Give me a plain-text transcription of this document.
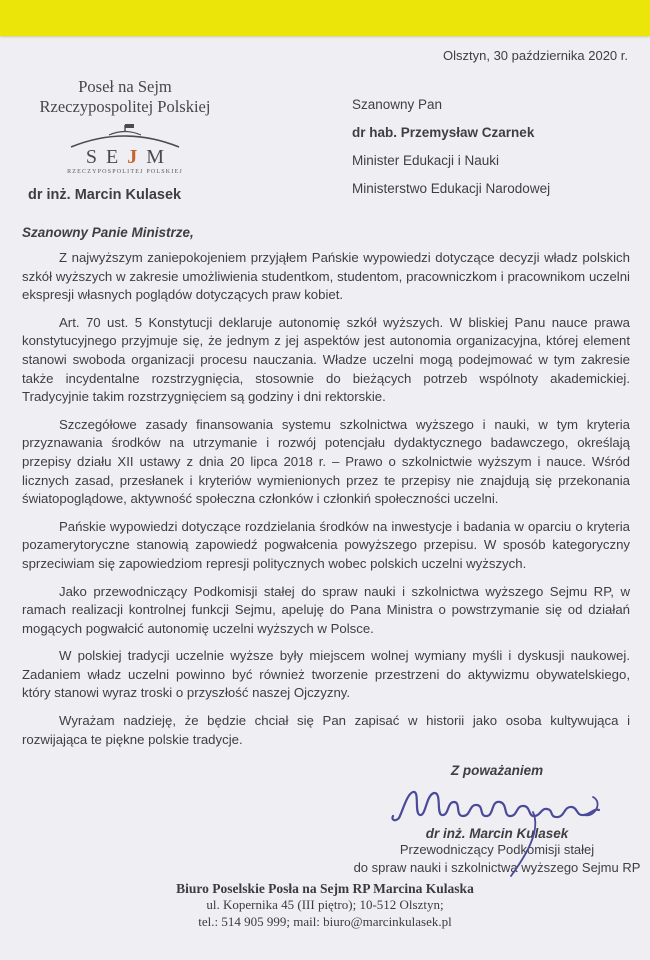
Olsztyn, 30 października 2020 r.
Poseł na Sejm
Rzeczypospolitej Polskiej
SEJM
RZECZYPOSPOLITEJ POLSKIEJ
dr inż. Marcin Kulasek
Szanowny Pan
dr hab. Przemysław Czarnek
Minister Edukacji i Nauki
Ministerstwo Edukacji Narodowej
Szanowny Panie Ministrze,

Z najwyższym zaniepokojeniem przyjąłem Pańskie wypowiedzi dotyczące decyzji władz polskich szkół wyższych w zakresie umożliwienia studentkom, studentom, pracowniczkom i pracownikom uczelni ekspresji własnych poglądów dotyczących praw kobiet.

Art. 70 ust. 5 Konstytucji deklaruje autonomię szkół wyższych. W bliskiej Panu nauce prawa konstytucyjnego przyjmuje się, że jednym z jej aspektów jest autonomia organizacyjna, której element stanowi swoboda organizacji procesu nauczania. Władze uczelni mogą podejmować w tym zakresie także incydentalne rozstrzygnięcia, stosownie do bieżących potrzeb wspólnoty akademickiej. Tradycyjnie takim rozstrzygnięciem są godziny i dni rektorskie.

Szczegółowe zasady finansowania systemu szkolnictwa wyższego i nauki, w tym kryteria przyznawania środków na utrzymanie i rozwój potencjału dydaktycznego badawczego, określają przepisy działu XII ustawy z dnia 20 lipca 2018 r. – Prawo o szkolnictwie wyższym i nauce. Wśród licznych zasad, przesłanek i kryteriów wymienionych przez te przepisy nie znajdują się przekonania światopoglądowe, aktywność społeczna członków i członkiń społeczności uczelni.

Pańskie wypowiedzi dotyczące rozdzielania środków na inwestycje i badania w oparciu o kryteria pozamerytoryczne stanowią zapowiedź pogwałcenia powyższego przepisu. W sposób kategoryczny sprzeciwiam się zapowiedziom represji politycznych wobec polskich uczelni wyższych.

Jako przewodniczący Podkomisji stałej do spraw nauki i szkolnictwa wyższego Sejmu RP, w ramach realizacji kontrolnej funkcji Sejmu, apeluję do Pana Ministra o powstrzymanie się od działań mogących pogwałcić autonomię uczelni wyższych w Polsce.

W polskiej tradycji uczelnie wyższe były miejscem wolnej wymiany myśli i dyskusji naukowej. Zadaniem władz uczelni powinno być również tworzenie przestrzeni do aktywizmu obywatelskiego, który stanowi wyraz troski o przyszłość naszej Ojczyzny.

Wyrażam nadzieję, że będzie chciał się Pan zapisać w historii jako osoba kultywująca i rozwijająca te piękne polskie tradycje.

Z poważaniem
dr inż. Marcin Kulasek
Przewodniczący Podkomisji stałej
do spraw nauki i szkolnictwa wyższego Sejmu RP
Biuro Poselskie Posła na Sejm RP Marcina Kulaska
ul. Kopernika 45 (III piętro); 10-512 Olsztyn;
tel.: 514 905 999; mail: biuro@marcinkulasek.pl
